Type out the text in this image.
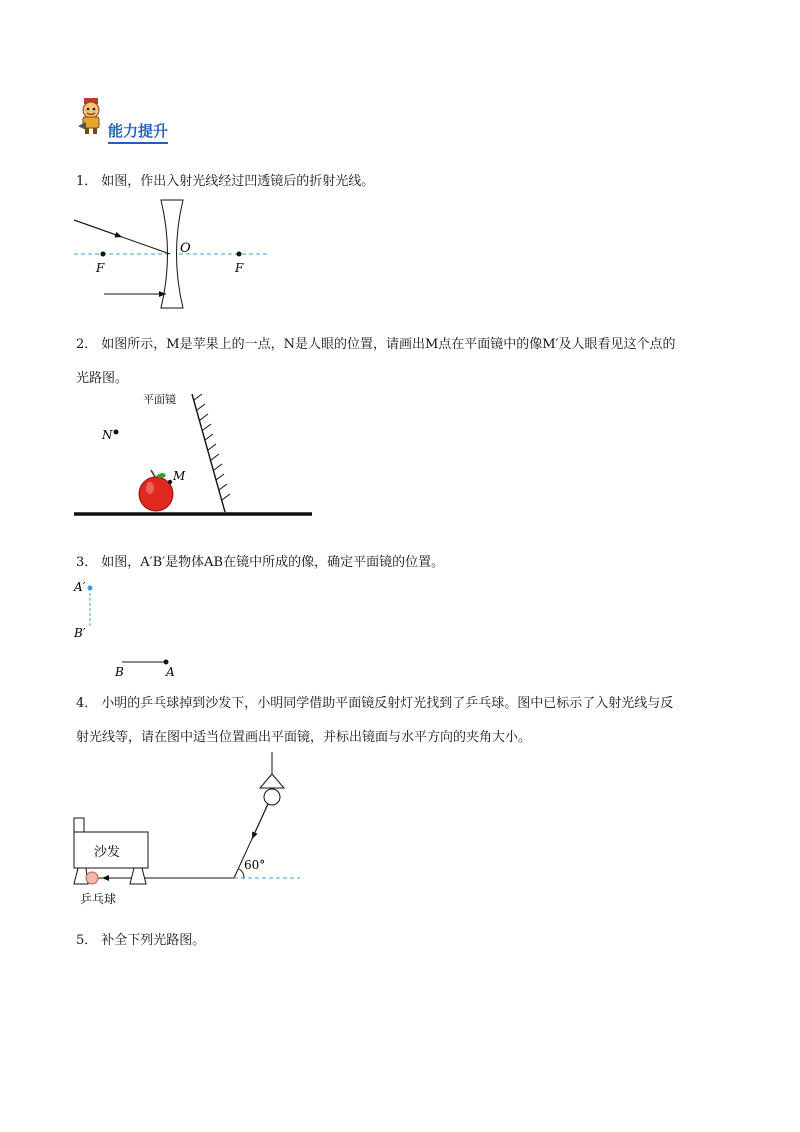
能力提升
1． 如图，作出入射光线经过凹透镜后的折射光线。
O
F	F
2． 如图所示，M是苹果上的一点，N是人眼的位置，请画出M点在平面镜中的像M′及人眼看见这个点的
光路图。
平面镜
N
M
3． 如图，A′B′是物体AB在镜中所成的像，确定平面镜的位置。
A′
B′
B	A
4． 小明的乒乓球掉到沙发下，小明同学借助平面镜反射灯光找到了乒乓球。图中已标示了入射光线与反
射光线等，请在图中适当位置画出平面镜，并标出镜面与水平方向的夹角大小。
60°
沙发
乒乓球
5． 补全下列光路图。
